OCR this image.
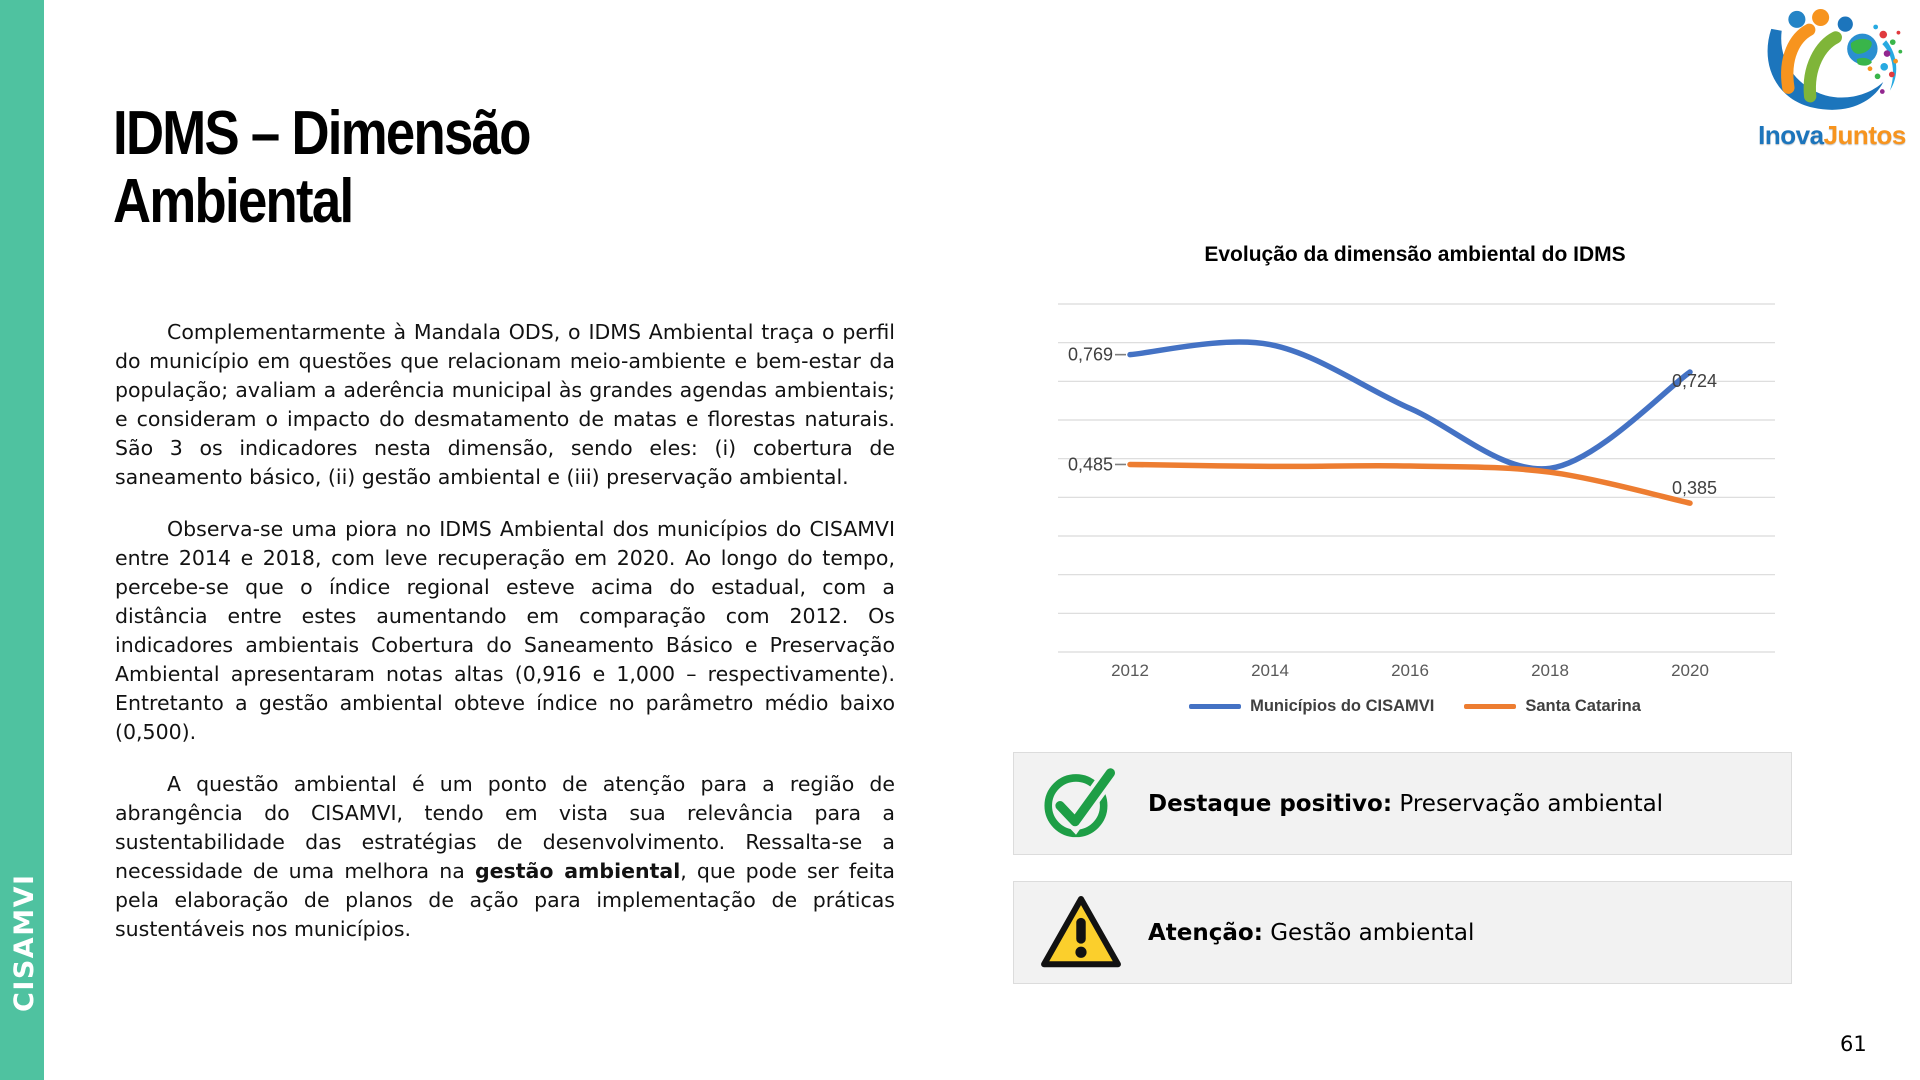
CISAMVI
InovaJuntos
IDMS – Dimensão
Ambiental

Complementarmente à Mandala ODS, o IDMS Ambiental traça o perfil do município em questões que relacionam meio-ambiente e bem-estar da população; avaliam a aderência municipal às grandes agendas ambientais; e consideram o impacto do desmatamento de matas e florestas naturais. São 3 os indicadores nesta dimensão, sendo eles: (i) cobertura de saneamento básico, (ii) gestão ambiental e (iii) preservação ambiental.

Observa-se uma piora no IDMS Ambiental dos municípios do CISAMVI entre 2014 e 2018, com leve recuperação em 2020. Ao longo do tempo, percebe-se que o índice regional esteve acima do estadual, com a distância entre estes aumentando em comparação com 2012. Os indicadores ambientais Cobertura do Saneamento Básico e Preservação Ambiental apresentaram notas altas (0,916 e 1,000 – respectivamente). Entretanto a gestão ambiental obteve índice no parâmetro médio baixo (0,500).

A questão ambiental é um ponto de atenção para a região de abrangência do CISAMVI, tendo em vista sua relevância para a sustentabilidade das estratégias de desenvolvimento. Ressalta-se a necessidade de uma melhora na gestão ambiental, que pode ser feita pela elaboração de planos de ação para implementação de práticas sustentáveis nos municípios.

Evolução da dimensão ambiental do IDMS
0,769
0,724
0,485
0,385
2012	2014	2016	2018	2020
Municípios do CISAMVI	Santa Catarina
Destaque positivo: Preservação ambiental
Atenção: Gestão ambiental
61
